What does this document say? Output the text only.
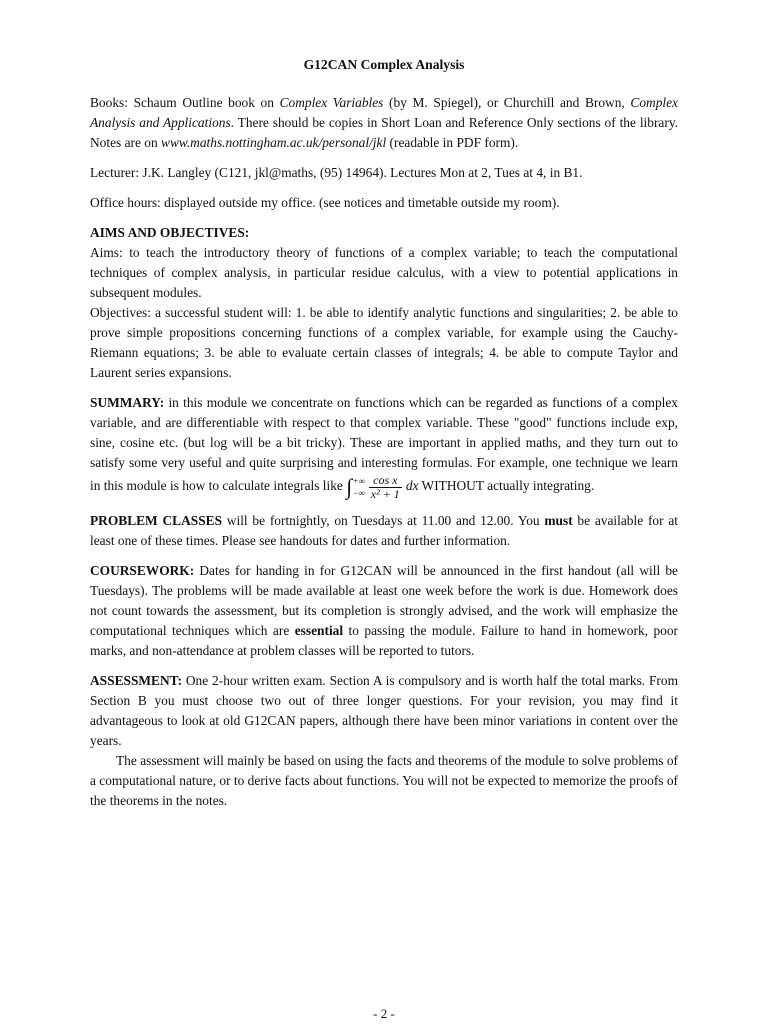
G12CAN Complex Analysis

Books: Schaum Outline book on Complex Variables (by M. Spiegel), or Churchill and Brown, Complex Analysis and Applications. There should be copies in Short Loan and Reference Only sections of the library. Notes are on www.maths.nottingham.ac.uk/personal/jkl (readable in PDF form).

Lecturer: J.K. Langley (C121, jkl@maths, (95) 14964). Lectures Mon at 2, Tues at 4, in B1.

Office hours: displayed outside my office. (see notices and timetable outside my room).

AIMS AND OBJECTIVES:

Aims: to teach the introductory theory of functions of a complex variable; to teach the computational techniques of complex analysis, in particular residue calculus, with a view to potential applications in subsequent modules.

Objectives: a successful student will: 1. be able to identify analytic functions and singularities; 2. be able to prove simple propositions concerning functions of a complex variable, for example using the Cauchy-Riemann equations; 3. be able to evaluate certain classes of integrals; 4. be able to compute Taylor and Laurent series expansions.

SUMMARY: in this module we concentrate on functions which can be regarded as functions of a complex variable, and are differentiable with respect to that complex variable. These "good" functions include exp, sine, cosine etc. (but log will be a bit tricky). These are important in applied maths, and they turn out to satisfy some very useful and quite surprising and interesting formulas. For example, one technique we learn in this module is how to calculate integrals like ∫ +∞
−∞ $\frac{\text{cos x}}{\text{x² + 1}}$ dx WITHOUT actually integrating.

PROBLEM CLASSES will be fortnightly, on Tuesdays at 11.00 and 12.00. You must be available for at least one of these times. Please see handouts for dates and further information.

COURSEWORK: Dates for handing in for G12CAN will be announced in the first handout (all will be Tuesdays). The problems will be made available at least one week before the work is due. Homework does not count towards the assessment, but its completion is strongly advised, and the work will emphasize the computational techniques which are essential to passing the module. Failure to hand in homework, poor marks, and non-attendance at problem classes will be reported to tutors.

ASSESSMENT: One 2-hour written exam. Section A is compulsory and is worth half the total marks. From Section B you must choose two out of three longer questions. For your revision, you may find it advantageous to look at old G12CAN papers, although there have been minor variations in content over the years.

The assessment will mainly be based on using the facts and theorems of the module to solve problems of a computational nature, or to derive facts about functions. You will not be expected to memorize the proofs of the theorems in the notes.

- 2 -
